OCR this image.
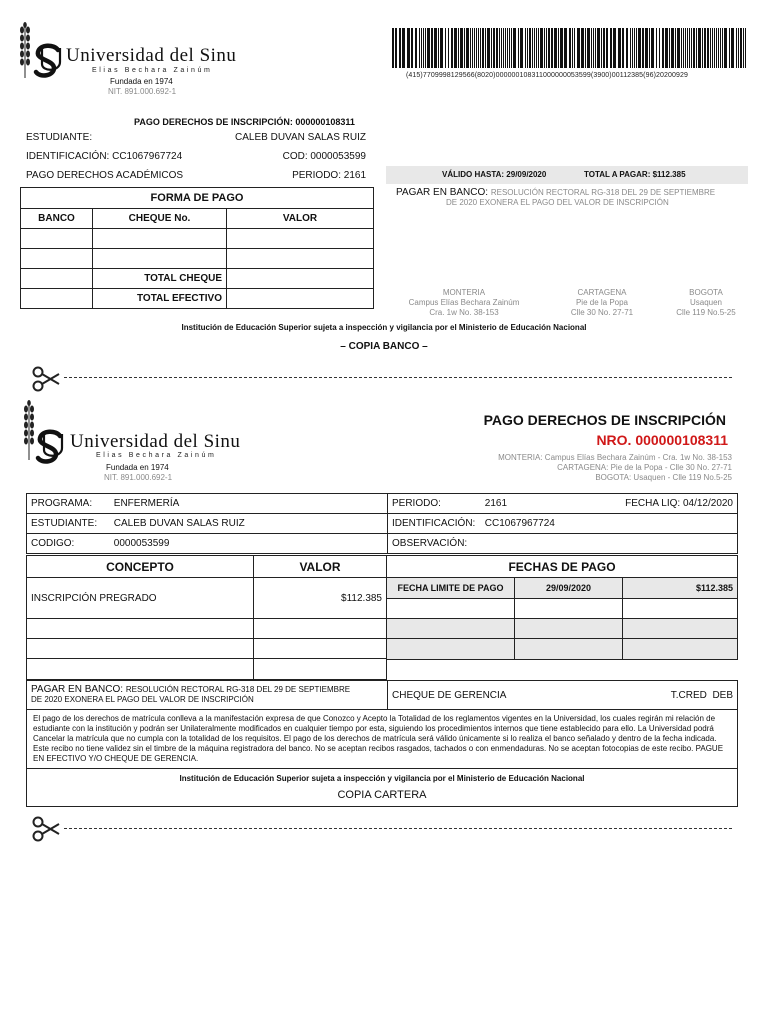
Universidad del Sinu
Elias Bechara Zainúm
Fundada en 1974
NIT. 891.000.692-1
(415)7709998129566(8020)000000108311000000053599(3900)00112385(96)20200929
PAGO DERECHOS DE INSCRIPCIÓN: 000000108311
ESTUDIANTE:	CALEB DUVAN SALAS RUIZ
IDENTIFICACIÓN: CC1067967724	COD: 0000053599
PAGO DERECHOS ACADÉMICOS	PERIODO: 2161	VÁLIDO HASTA: 29/09/2020	TOTAL A PAGAR: $112.385
PAGAR EN BANCO: RESOLUCIÓN RECTORAL RG-318 DEL 29 DE SEPTIEMBRE
DE 2020 EXONERA EL PAGO DEL VALOR DE INSCRIPCIÓN
FORMA DE PAGO		
BANCO	CHEQUE No.	VALOR

	TOTAL CHEQUE	
	TOTAL EFECTIVO	
MONTERIA
Campus Elías Bechara Zainúm
Cra. 1w No. 38-153
CARTAGENA
Pie de la Popa
Clle 30 No. 27-71
BOGOTA
Usaquen
Clle 119 No.5-25
Institución de Educación Superior sujeta a inspección y vigilancia por el Ministerio de Educación Nacional
– COPIA BANCO –
Universidad del Sinu
Elias Bechara Zainúm
Fundada en 1974
NIT. 891.000.692-1
PAGO DERECHOS DE INSCRIPCIÓN
NRO. 000000108311
MONTERIA: Campus Elías Bechara Zainúm - Cra. 1w No. 38-153
CARTAGENA: Pie de la Popa - Clle 30 No. 27-71
BOGOTA: Usaquen - Clle 119 No.5-25
PROGRAMA: ENFERMERÍA	PERIODO: 2161 FECHA LIQ: 04/12/2020

ESTUDIANTE: CALEB DUVAN SALAS RUIZ	IDENTIFICACIÓN: CC1067967724
CODIGO: 0000053599	OBSERVACIÓN:
CONCEPTO	VALOR
INSCRIPCIÓN PREGRADO	$112.385

FECHAS DE PAGO		
FECHA LIMITE DE PAGO	29/09/2020	$112.385

PAGAR EN BANCO: RESOLUCIÓN RECTORAL RG-318 DEL 29 DE SEPTIEMBRE
DE 2020 EXONERA EL PAGO DEL VALOR DE INSCRIPCIÓN	CHEQUE DE GERENCIA	T.CRED DEB
El pago de los derechos de matrícula conlleva a la manifestación expresa de que Conozco y Acepto la Totalidad de los reglamentos vigentes en la Universidad, los cuales regirán mi relación de estudiante con la institución y podrán ser Unilateralmente modificados en cualquier tiempo por esta, siguiendo los procedimientos internos que tiene establecido para ello. La Universidad podrá Cancelar la matrícula que no cumpla con la totalidad de los requisitos. El pago de los derechos de matrícula será válido únicamente si lo realiza el banco señalado y dentro de la fecha indicada. Este recibo no tiene validez sin el timbre de la máquina registradora del banco. No se aceptan recibos rasgados, tachados o con enmendaduras. No se aceptan fotocopias de este recibo. PAGUE EN EFECTIVO Y/O CHEQUE DE GERENCIA.
Institución de Educación Superior sujeta a inspección y vigilancia por el Ministerio de Educación Nacional
COPIA CARTERA
